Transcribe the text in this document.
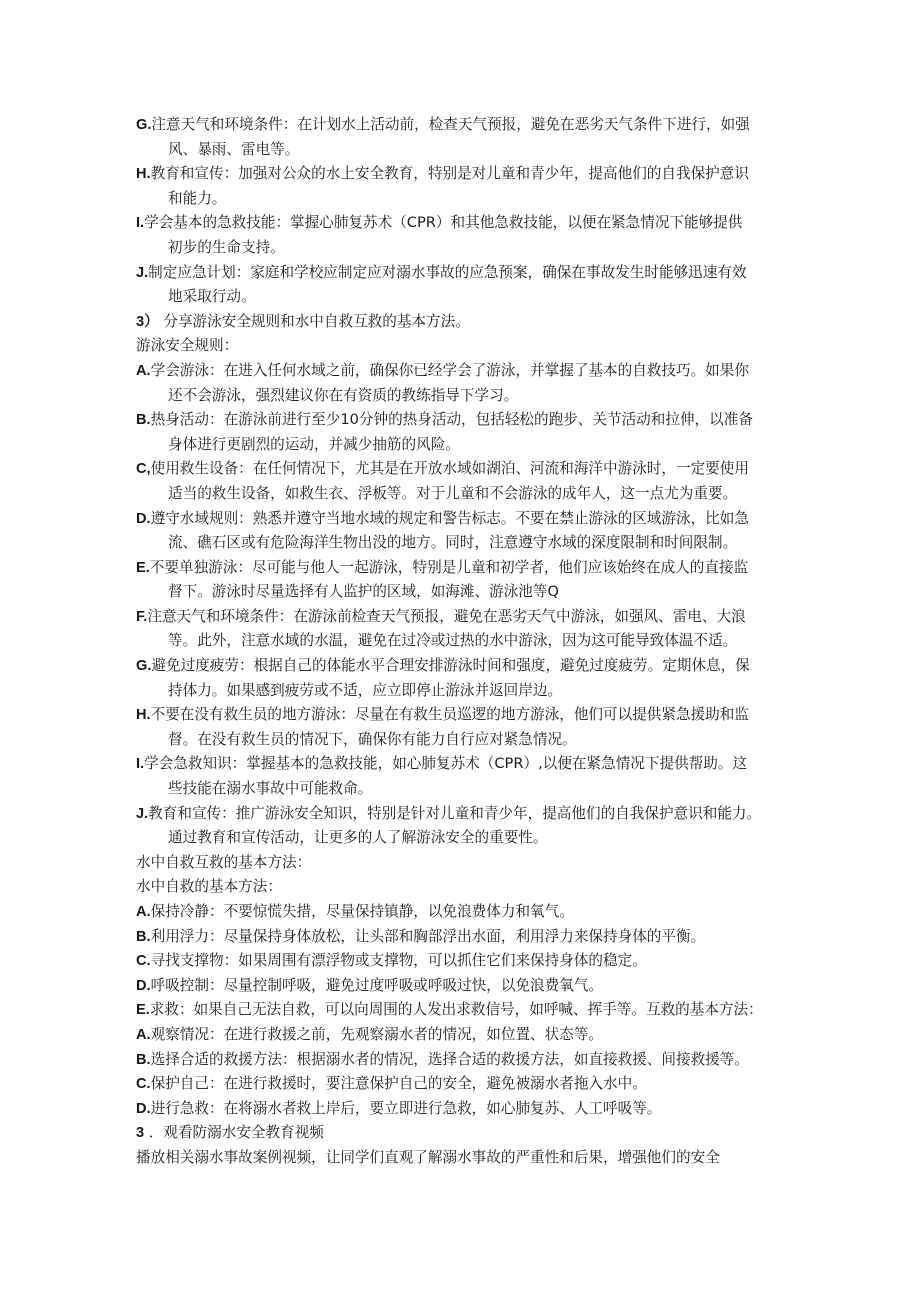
G.注意天气和环境条件：在计划水上活动前，检查天气预报，避免在恶劣天气条件下进行，如强
风、暴雨、雷电等。
H.教育和宣传：加强对公众的水上安全教育，特别是对儿童和青少年，提高他们的自我保护意识
和能力。
I.学会基本的急救技能：掌握心肺复苏术（CPR）和其他急救技能，以便在紧急情况下能够提供
初步的生命支持。
J.制定应急计划：家庭和学校应制定应对溺水事故的应急预案，确保在事故发生时能够迅速有效
地采取行动。
3） 分享游泳安全规则和水中自救互救的基本方法。
游泳安全规则：
A.学会游泳：在进入任何水域之前，确保你已经学会了游泳，并掌握了基本的自救技巧。如果你
还不会游泳，强烈建议你在有资质的教练指导下学习。
B.热身活动：在游泳前进行至少10分钟的热身活动，包括轻松的跑步、关节活动和拉伸，以准备
身体进行更剧烈的运动，并减少抽筋的风险。
C,使用救生设备：在任何情况下，尤其是在开放水域如湖泊、河流和海洋中游泳时，一定要使用
适当的救生设备，如救生衣、浮板等。对于儿童和不会游泳的成年人，这一点尤为重要。
D.遵守水域规则：熟悉并遵守当地水域的规定和警告标志。不要在禁止游泳的区域游泳，比如急
流、礁石区或有危险海洋生物出没的地方。同时，注意遵守水域的深度限制和时间限制。
E.不要单独游泳：尽可能与他人一起游泳，特别是儿童和初学者，他们应该始终在成人的直接监
督下。游泳时尽量选择有人监护的区域，如海滩、游泳池等Q
F.注意天气和环境条件：在游泳前检查天气预报，避免在恶劣天气中游泳，如强风、雷电、大浪
等。此外，注意水域的水温，避免在过冷或过热的水中游泳，因为这可能导致体温不适。
G.避免过度疲劳：根据自己的体能水平合理安排游泳时间和强度，避免过度疲劳。定期休息，保
持体力。如果感到疲劳或不适，应立即停止游泳并返回岸边。
H.不要在没有救生员的地方游泳：尽量在有救生员巡逻的地方游泳，他们可以提供紧急援助和监
督。在没有救生员的情况下，确保你有能力自行应对紧急情况。
I.学会急救知识：掌握基本的急救技能，如心肺复苏术（CPR）,以便在紧急情况下提供帮助。这
些技能在溺水事故中可能救命。
J.教育和宣传：推广游泳安全知识，特别是针对儿童和青少年，提高他们的自我保护意识和能力。
通过教育和宣传活动，让更多的人了解游泳安全的重要性。
水中自救互救的基本方法：
水中自救的基本方法：
A.保持冷静：不要惊慌失措，尽量保持镇静，以免浪费体力和氧气。
B.利用浮力：尽量保持身体放松，让头部和胸部浮出水面，利用浮力来保持身体的平衡。
C.寻找支撑物：如果周围有漂浮物或支撑物，可以抓住它们来保持身体的稳定。
D.呼吸控制：尽量控制呼吸，避免过度呼吸或呼吸过快，以免浪费氧气。
E.求救：如果自己无法自救，可以向周围的人发出求救信号，如呼喊、挥手等。互救的基本方法：
A.观察情况：在进行救援之前，先观察溺水者的情况，如位置、状态等。
B.选择合适的救援方法：根据溺水者的情况，选择合适的救援方法，如直接救援、间接救援等。
C.保护自己：在进行救援时，要注意保护自己的安全，避免被溺水者拖入水中。
D.进行急救：在将溺水者救上岸后，要立即进行急救，如心肺复苏、人工呼吸等。
3 ．观看防溺水安全教育视频
播放相关溺水事故案例视频，让同学们直观了解溺水事故的严重性和后果，增强他们的安全
